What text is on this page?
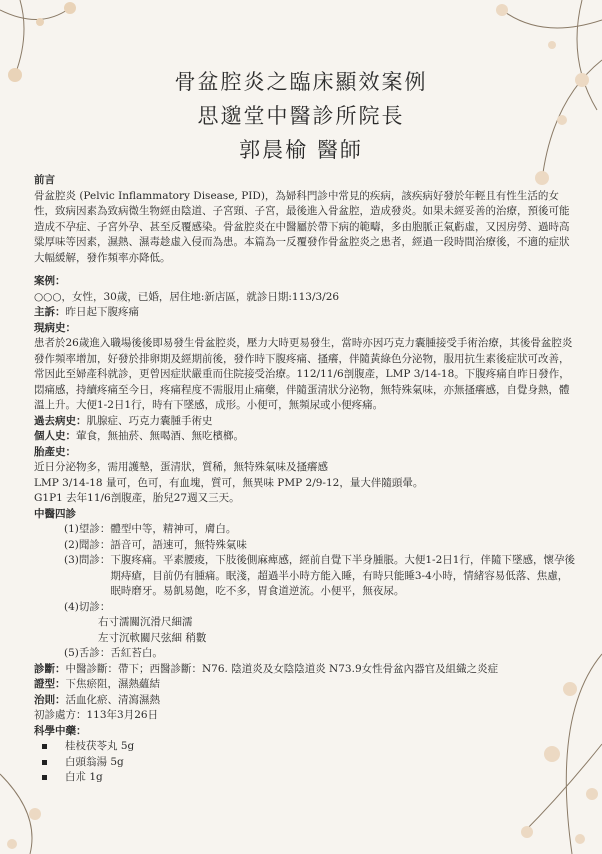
骨盆腔炎之臨床顯效案例
思邈堂中醫診所院長
郭晨榆 醫師

前言

骨盆腔炎 (Pelvic Inflammatory Disease, PID)，為婦科門診中常見的疾病，該疾病好發於年輕且有性生活的女性，致病因素為致病微生物經由陰道、子宮頸、子宮，最後進入骨盆腔，造成發炎。如果未經妥善的治療，預後可能造成不孕症、子宮外孕、甚至反覆感染。骨盆腔炎在中醫屬於帶下病的範疇，多由胞脈正氣虧虛，又因房勞、過時高粱厚味等因素，濕熱、濕毒趁虛入侵而為患。本篇為一反覆發作骨盆腔炎之患者，經過一段時間治療後，不適的症狀大幅緩解，發作頻率亦降低。

案例：

○○○，女性，30歲，已婚，居住地:新店區，就診日期:113/3/26

主訴：昨日起下腹疼痛

現病史：

患者於26歲進入職場後後即易發生骨盆腔炎，壓力大時更易發生，當時亦因巧克力囊腫接受手術治療，其後骨盆腔炎發作頻率增加，好發於排卵期及經期前後，發作時下腹疼痛、搔癢，伴隨黃綠色分泌物，服用抗生素後症狀可改善，常因此至婦產科就診，更曾因症狀嚴重而住院接受治療。112/11/6剖腹產，LMP 3/14-18。下腹疼痛自昨日發作，悶痛感，持續疼痛至今日，疼痛程度不需服用止痛藥，伴隨蛋清狀分泌物，無特殊氣味，亦無搔癢感，自覺身熱，體溫上升。大便1-2日1行，時有下墜感，成形。小便可，無頻尿或小便疼痛。

過去病史：肌腺症、巧克力囊腫手術史

個人史：葷食，無抽菸、無喝酒、無吃檳榔。

胎產史：

近日分泌物多，需用護墊，蛋清狀，質稀，無特殊氣味及搔癢感

LMP 3/14-18 量可，色可，有血塊，質可，無異味 PMP 2/9-12，量大伴隨頭暈。

G1P1 去年11/6剖腹產，胎兒27週又三天。

中醫四診

(1)望診： 體型中等，精神可，膚白。
(2)聞診： 語音可，語速可，無特殊氣味
(3)問診： 下腹疼痛。平素腰痠，下肢後側麻痺感，經前自覺下半身腫脹。大便1-2日1行，伴隨下墜感，懷孕後期痔瘡，目前仍有腫痛。眠淺，超過半小時方能入睡，有時只能睡3-4小時，情緒容易低落、焦慮，眠時磨牙。易飢易飽，吃不多，胃食道逆流。小便平，無夜尿。
(4)切診：

右寸濡關沉滑尺細濡

左寸沉軟關尺弦細 稍數

(5)舌診： 舌紅苔白。

診斷：中醫診斷：帶下；西醫診斷：N76. 陰道炎及女陰陰道炎 N73.9女性骨盆內器官及組織之炎症

證型：下焦瘀阻，濕熱蘊結

治則：活血化瘀、清瀉濕熱

初診處方：113年3月26日

科學中藥：

桂枝茯苓丸 5g
白頭翁湯 5g
白朮 1g
